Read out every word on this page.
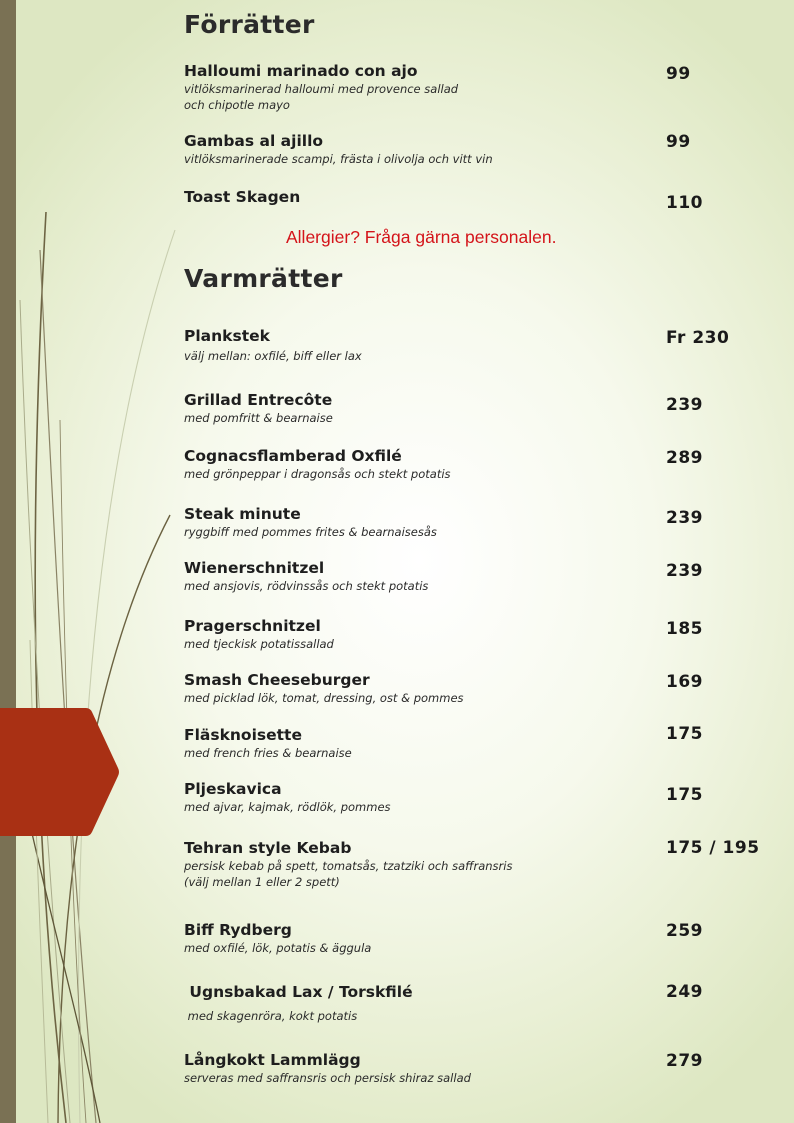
Förrätter
Halloumi marinado con ajo
vitlöksmarinerad halloumi med provence sallad
och chipotle mayo
99
Gambas al ajillo
vitlöksmarinerade scampi, frästa i olivolja och vitt vin
99
Toast Skagen	110
Allergier? Fråga gärna personalen.
Varmrätter
Plankstek
välj mellan: oxfilé, biff eller lax
Fr 230
Grillad Entrecôte
med pomfritt & bearnaise
239
Cognacsflamberad Oxfilé
med grönpeppar i dragonsås och stekt potatis
289
Steak minute
ryggbiff med pommes frites & bearnaisesås
239
Wienerschnitzel
med ansjovis, rödvinssås och stekt potatis
239
Pragerschnitzel
med tjeckisk potatissallad
185
Smash Cheeseburger
med picklad lök, tomat, dressing, ost & pommes
169
Fläsknoisette
med french fries & bearnaise
175
Pljeskavica
med ajvar, kajmak, rödlök, pommes
175
Tehran style Kebab
persisk kebab på spett, tomatsås, tzatziki och saffransris
(välj mellan 1 eller 2 spett)
175 / 195
Biff Rydberg
med oxfilé, lök, potatis & äggula
259
Ugnsbakad Lax / Torskfilé
med skagenröra, kokt potatis
249
Långkokt Lammlägg
serveras med saffransris och persisk shiraz sallad
279
